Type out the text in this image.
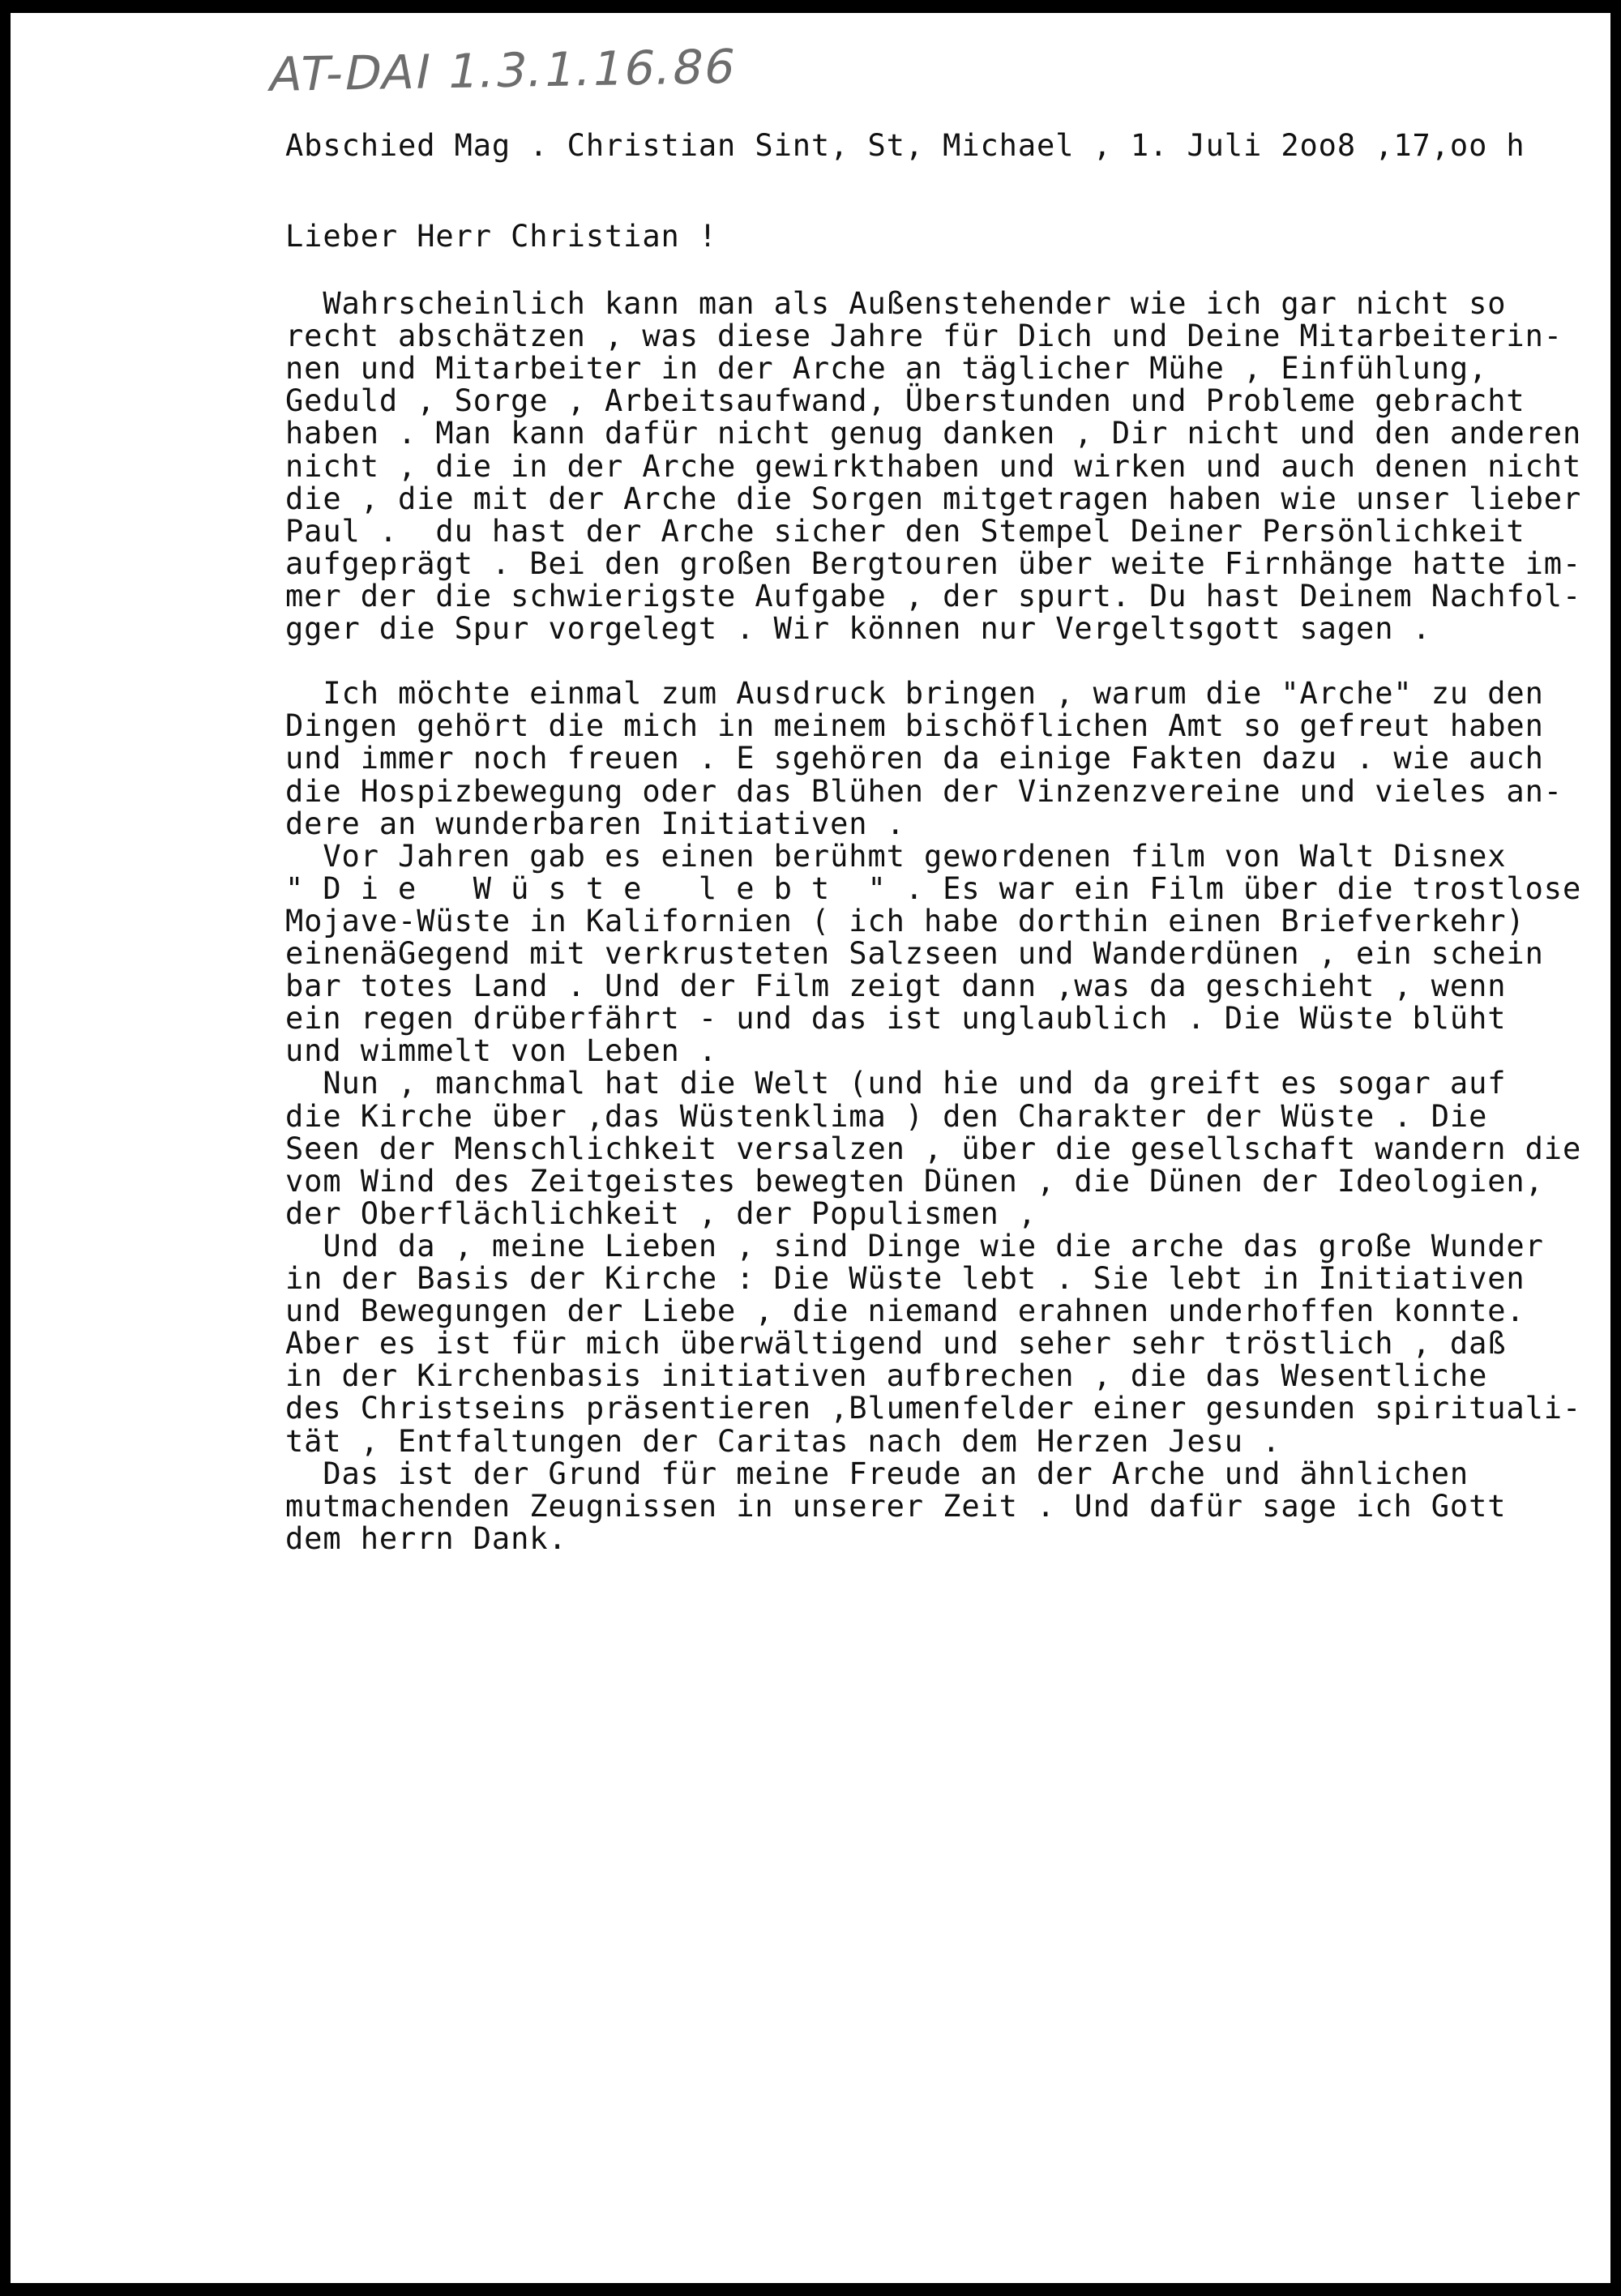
AT-DAI 1.3.1.16.86
Abschied Mag . Christian Sint, St, Michael , 1. Juli 2oo8 ,17,oo h
Lieber Herr Christian !
Wahrscheinlich kann man als Außenstehender wie ich gar nicht so
recht abschätzen , was diese Jahre für Dich und Deine Mitarbeiterin-
nen und Mitarbeiter in der Arche an täglicher Mühe , Einfühlung,
Geduld , Sorge , Arbeitsaufwand, Überstunden und Probleme gebracht
haben . Man kann dafür nicht genug danken , Dir nicht und den anderen
nicht , die in der Arche gewirkthaben und wirken und auch denen nicht
die , die mit der Arche die Sorgen mitgetragen haben wie unser lieber
Paul .  du hast der Arche sicher den Stempel Deiner Persönlichkeit
aufgeprägt . Bei den großen Bergtouren über weite Firnhänge hatte im-
mer der die schwierigste Aufgabe , der spurt. Du hast Deinem Nachfol-
gger die Spur vorgelegt . Wir können nur Vergeltsgott sagen .
Ich möchte einmal zum Ausdruck bringen , warum die "Arche" zu den
Dingen gehört die mich in meinem bischöflichen Amt so gefreut haben
und immer noch freuen . E sgehören da einige Fakten dazu . wie auch
die Hospizbewegung oder das Blühen der Vinzenzvereine und vieles an-
dere an wunderbaren Initiativen .
Vor Jahren gab es einen berühmt gewordenen film von Walt Disnex
" D i e   W ü s t e   l e b t  " . Es war ein Film über die trostlose
Mojave-Wüste in Kalifornien ( ich habe dorthin einen Briefverkehr)
einenäGegend mit verkrusteten Salzseen und Wanderdünen , ein schein
bar totes Land . Und der Film zeigt dann ,was da geschieht , wenn
ein regen drüberfährt - und das ist unglaublich . Die Wüste blüht
und wimmelt von Leben .
Nun , manchmal hat die Welt (und hie und da greift es sogar auf
die Kirche über ,das Wüstenklima ) den Charakter der Wüste . Die
Seen der Menschlichkeit versalzen , über die gesellschaft wandern die
vom Wind des Zeitgeistes bewegten Dünen , die Dünen der Ideologien,
der Oberflächlichkeit , der Populismen ,
Und da , meine Lieben , sind Dinge wie die arche das große Wunder
in der Basis der Kirche : Die Wüste lebt . Sie lebt in Initiativen
und Bewegungen der Liebe , die niemand erahnen underhoffen konnte.
Aber es ist für mich überwältigend und seher sehr tröstlich , daß
in der Kirchenbasis initiativen aufbrechen , die das Wesentliche
des Christseins präsentieren ,Blumenfelder einer gesunden spirituali-
tät , Entfaltungen der Caritas nach dem Herzen Jesu .
Das ist der Grund für meine Freude an der Arche und ähnlichen
mutmachenden Zeugnissen in unserer Zeit . Und dafür sage ich Gott
dem herrn Dank.
